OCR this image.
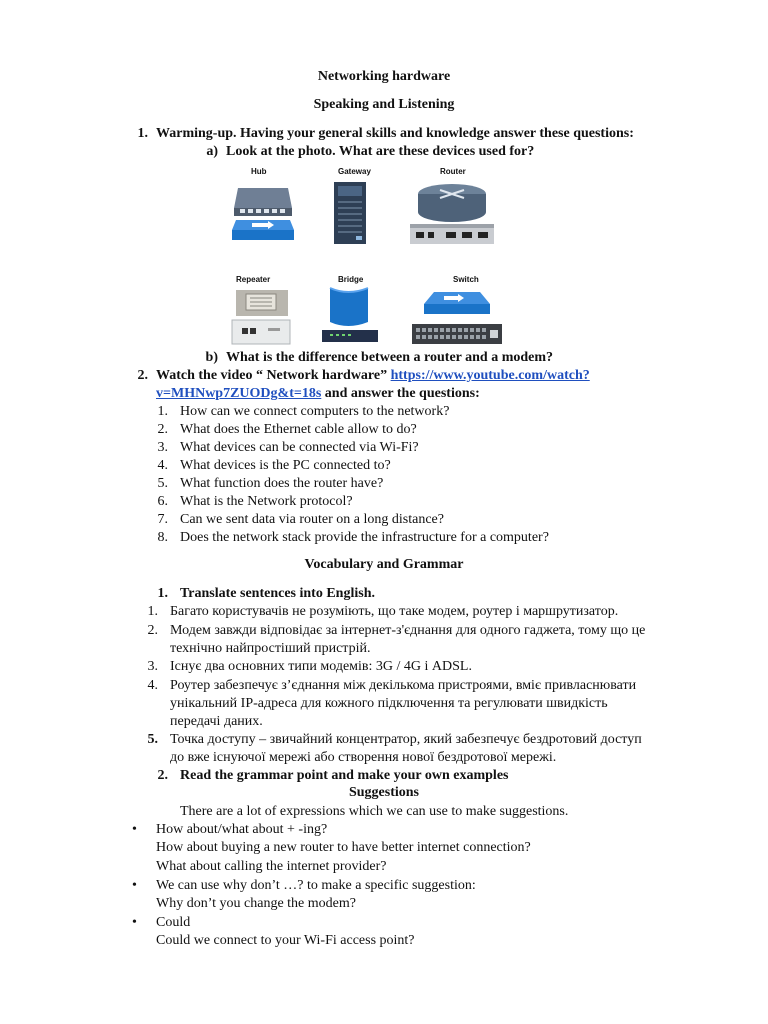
Networking hardware
Speaking and Listening
1. Warming-up. Having your general skills and knowledge answer these questions:
a) Look at the photo. What are these devices used for?
Hub	Gateway	Router
Repeater	Bridge	Switch
b) What is the difference between a router and a modem?
2. Watch the video “ Network hardware” https://www.youtube.com/watch?
v=MHNwp7ZUODg&t=18s and answer the questions:
1. How can we connect computers to the network?
2. What does the Ethernet cable allow to do?
3. What devices can be connected via Wi-Fi?
4. What devices is the PC connected to?
5. What function does the router have?
6. What is the Network protocol?
7. Can we sent data via router on a long distance?
8. Does the network stack provide the infrastructure for a computer?
Vocabulary and Grammar
1. Translate sentences into English.
1. Багато користувачів не розуміють, що таке модем, роутер і маршрутизатор.
2. Модем завжди відповідає за інтернет-з'єднання для одного гаджета, тому що це
технічно найпростіший пристрій.
3. Існує два основних типи модемів: 3G / 4G і ADSL.
4. Роутер забезпечує з’єднання між декількома пристроями, вміє привласнювати
унікальний IP-адреса для кожного підключення та регулювати швидкість
передачі даних.
5. Точка доступу – звичайний концентратор, який забезпечує бездротовий доступ
до вже існуючої мережі або створення нової бездротової мережі.
2. Read the grammar point and make your own examples
Suggestions
There are a lot of expressions which we can use to make suggestions.
• How about/what about + -ing?
How about buying a new router to have better internet connection?
What about calling the internet provider?
• We can use why don’t …? to make a specific suggestion:
Why don’t you change the modem?
• Could
Could we connect to your Wi-Fi access point?
